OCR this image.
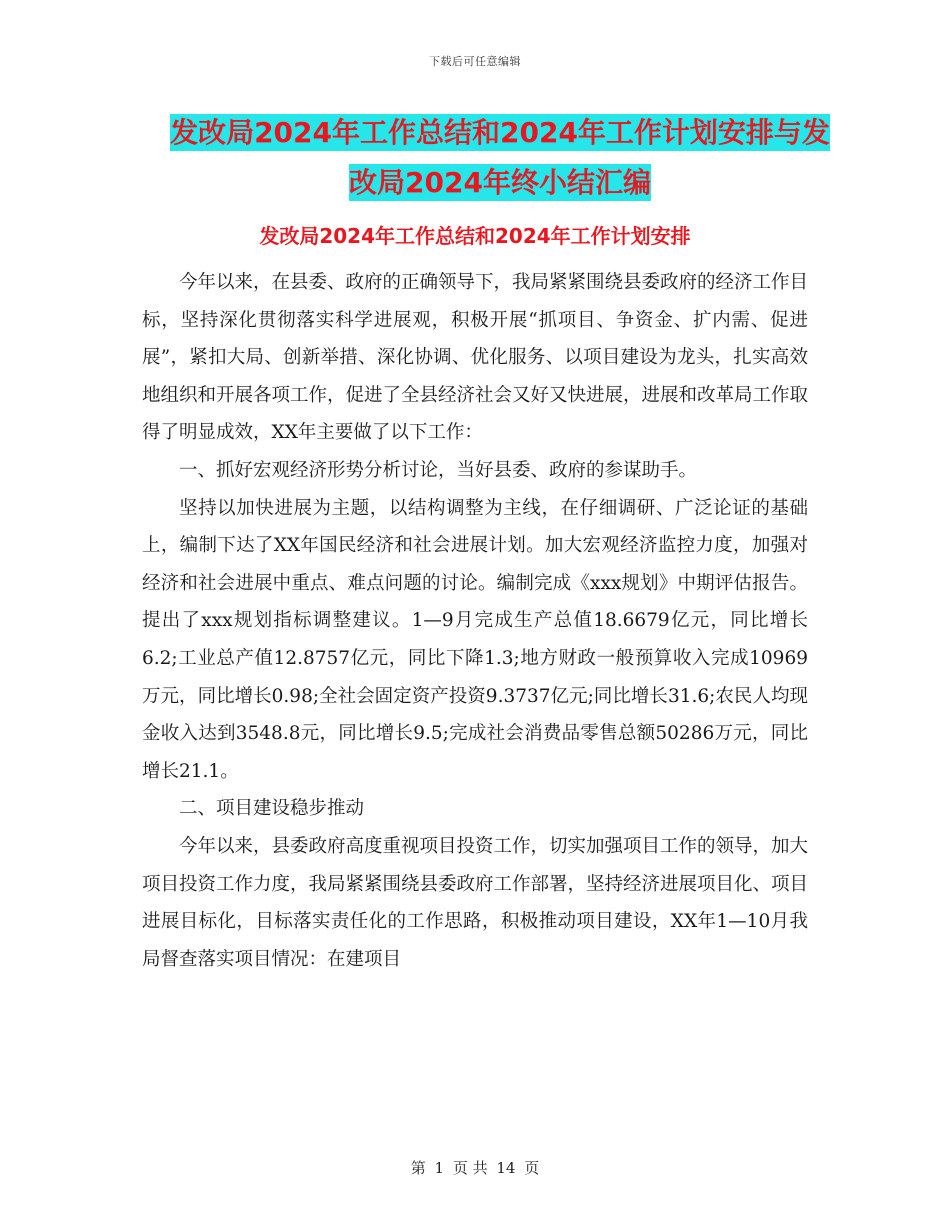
下载后可任意编辑
发改局2024年工作总结和2024年工作计划安排与发
改局2024年终小结汇编
发改局2024年工作总结和2024年工作计划安排

今年以来，在县委、政府的正确领导下，我局紧紧围绕县委政府的经济工作目标，坚持深化贯彻落实科学进展观，积极开展“抓项目、争资金、扩内需、促进展”，紧扣大局、创新举措、深化协调、优化服务、以项目建设为龙头，扎实高效地组织和开展各项工作，促进了全县经济社会又好又快进展，进展和改革局工作取得了明显成效，XX年主要做了以下工作：

一、抓好宏观经济形势分析讨论，当好县委、政府的参谋助手。

坚持以加快进展为主题，以结构调整为主线，在仔细调研、广泛论证的基础上，编制下达了XX年国民经济和社会进展计划。加大宏观经济监控力度，加强对经济和社会进展中重点、难点问题的讨论。编制完成《xxx规划》中期评估报告。提出了xxx规划指标调整建议。1—9月完成生产总值18.6679亿元，同比增长6.2;工业总产值12.8757亿元，同比下降1.3;地方财政一般预算收入完成10969万元，同比增长0.98;全社会固定资产投资9.3737亿元;同比增长31.6;农民人均现金收入达到3548.8元，同比增长9.5;完成社会消费品零售总额50286万元，同比增长21.1。

二、项目建设稳步推动

今年以来，县委政府高度重视项目投资工作，切实加强项目工作的领导，加大项目投资工作力度，我局紧紧围绕县委政府工作部署，坚持经济进展项目化、项目进展目标化，目标落实责任化的工作思路，积极推动项目建设，XX年1—10月我局督查落实项目情况：在建项目

第 1 页 共 14 页
